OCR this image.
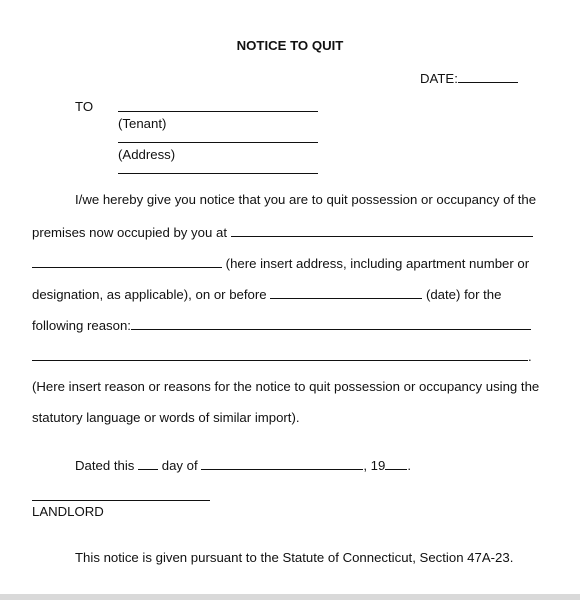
NOTICE TO QUIT
DATE:
TO
(Tenant)
(Address)
I/we hereby give you notice that you are to quit possession or occupancy of the
premises now occupied by you at
(here insert address, including apartment number or
designation, as applicable), on or before	(date) for the
following reason:
.
(Here insert reason or reasons for the notice to quit possession or occupancy using the
statutory language or words of similar import).
Dated this day of	, 19 .
LANDLORD
This notice is given pursuant to the Statute of Connecticut, Section 47A-23.
